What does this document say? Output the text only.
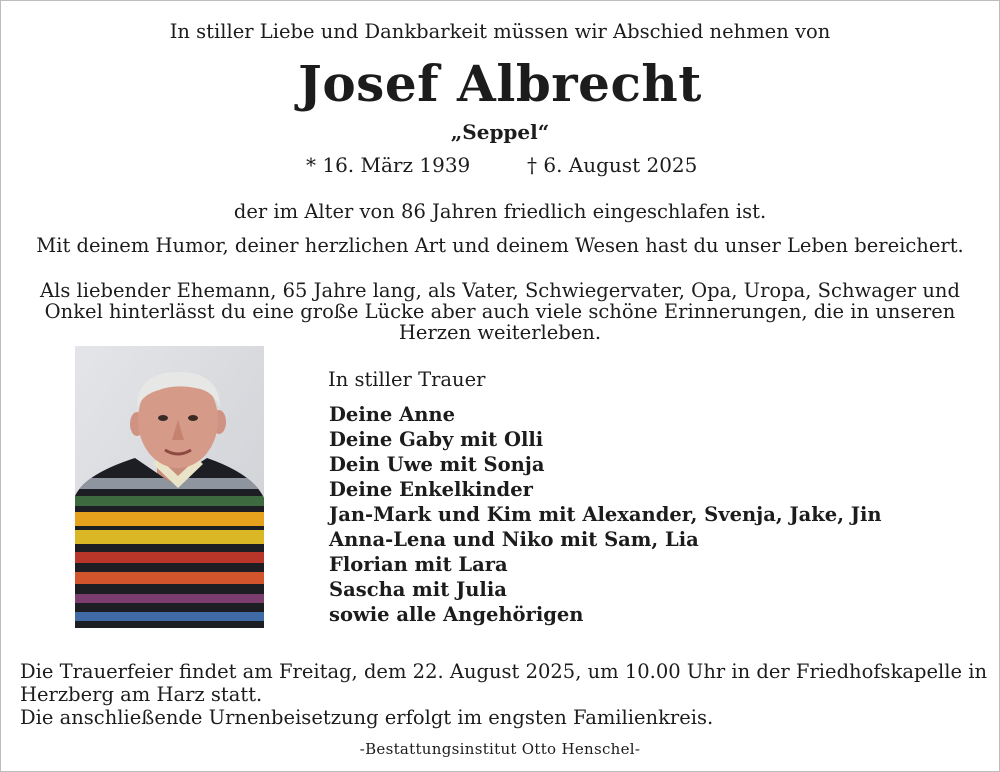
In stiller Liebe und Dankbarkeit müssen wir Abschied nehmen von
Josef Albrecht
„Seppel“
* 16. März 1939	† 6. August 2025
der im Alter von 86 Jahren friedlich eingeschlafen ist.
Mit deinem Humor, deiner herzlichen Art und deinem Wesen hast du unser Leben bereichert.
Als liebender Ehemann, 65 Jahre lang, als Vater, Schwiegervater, Opa, Uropa, Schwager und Onkel hinterlässt du eine große Lücke aber auch viele schöne Erinnerungen, die in unseren Herzen weiterleben.
In stiller Trauer
Deine Anne
Deine Gaby mit Olli
Dein Uwe mit Sonja
Deine Enkelkinder
Jan-Mark und Kim mit Alexander, Svenja, Jake, Jin
Anna-Lena und Niko mit Sam, Lia
Florian mit Lara
Sascha mit Julia
sowie alle Angehörigen

Die Trauerfeier findet am Freitag, dem 22. August 2025, um 10.00 Uhr in der Friedhofskapelle in Herzberg am Harz statt.

Die anschließende Urnenbeisetzung erfolgt im engsten Familienkreis.

-Bestattungsinstitut Otto Henschel-
